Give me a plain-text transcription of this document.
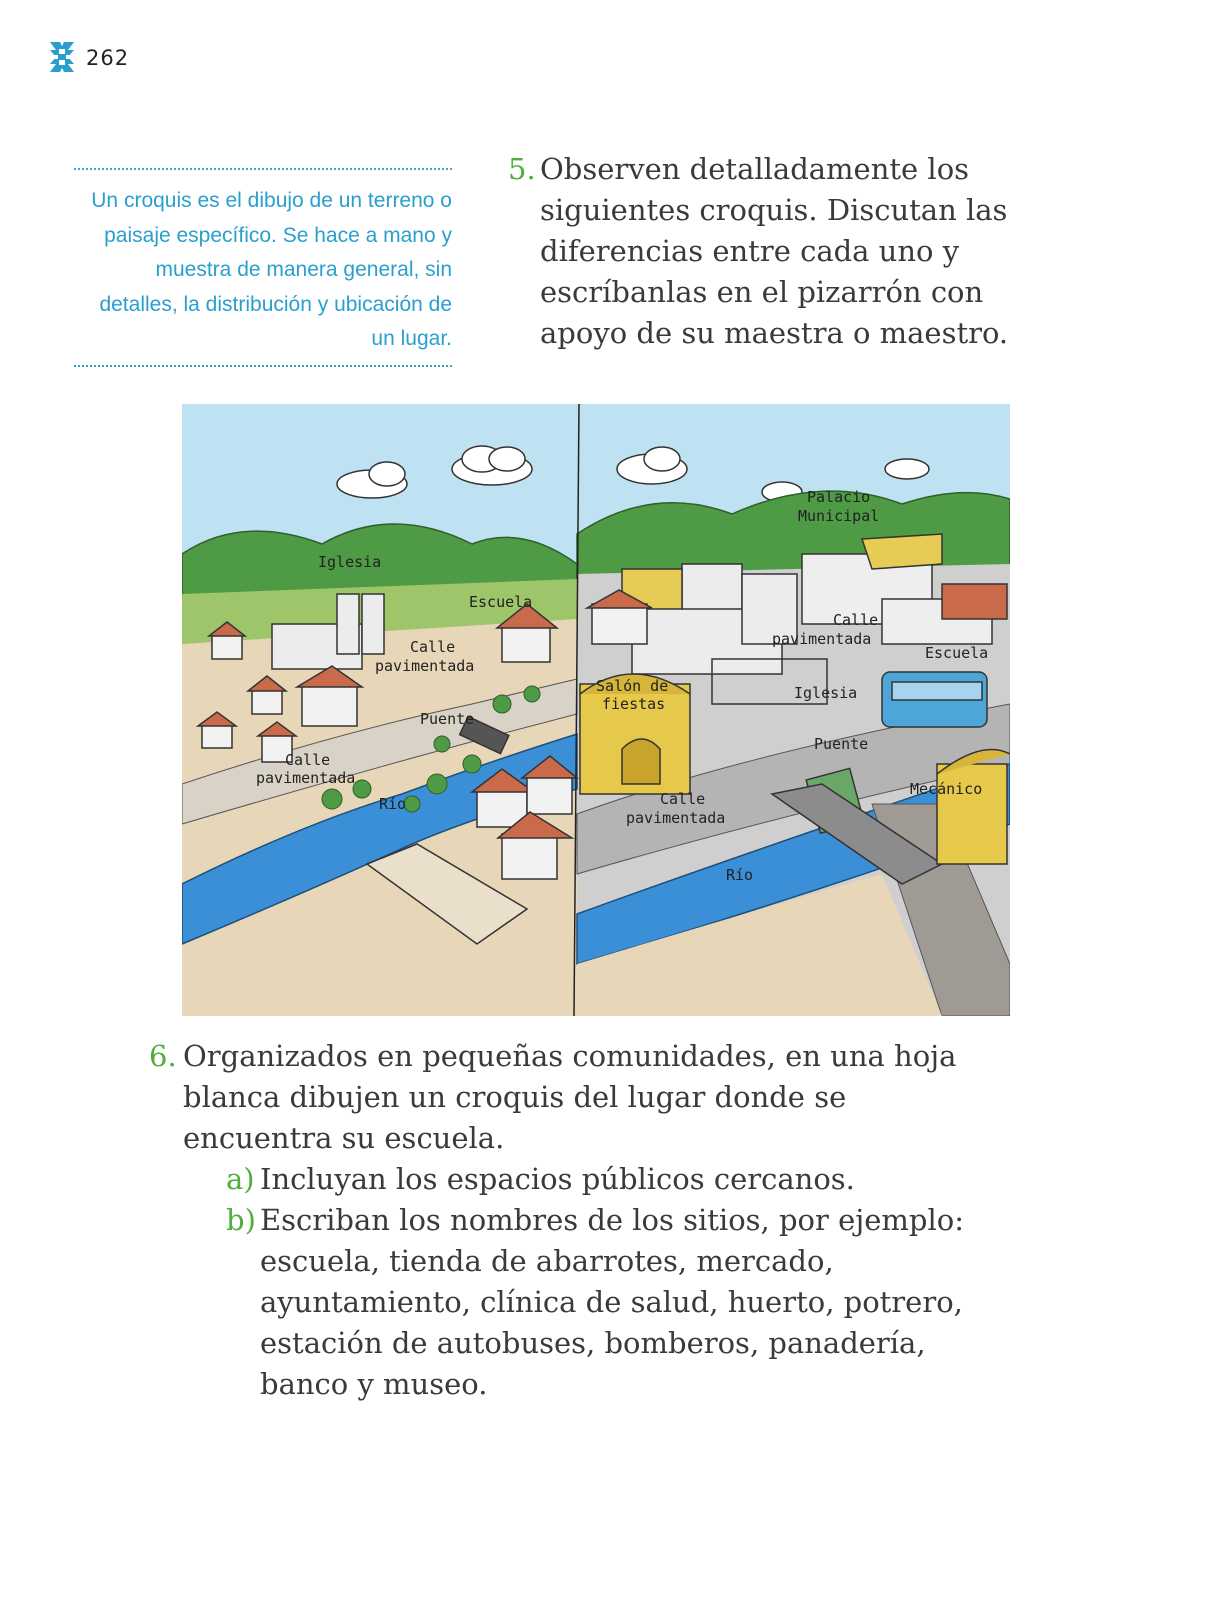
262
Un croquis es el dibujo de un terreno o paisaje específico. Se hace a mano y muestra de manera general, sin detalles, la distribución y ubicación de un lugar.
5. Observen detalladamente los siguientes croquis. Discutan las diferencias entre cada uno y escríbanlas en el pizarrón con apoyo de su maestra o maestro.
Iglesia
Escuela
Calle
pavimentada
Puente
Calle
pavimentada
Río
Palacio
Municipal
Calle
pavimentada
Escuela
Salón de
fiestas
Iglesia
Puente
Mecánico
Calle
pavimentada
Río
6. Organizados en pequeñas comunidades, en una hoja blanca dibujen un croquis del lugar donde se encuentra su escuela.
a) Incluyan los espacios públicos cercanos.
b) Escriban los nombres de los sitios, por ejemplo: escuela, tienda de abarrotes, mercado, ayuntamiento, clínica de salud, huerto, potrero, estación de autobuses, bomberos, panadería, banco y museo.
